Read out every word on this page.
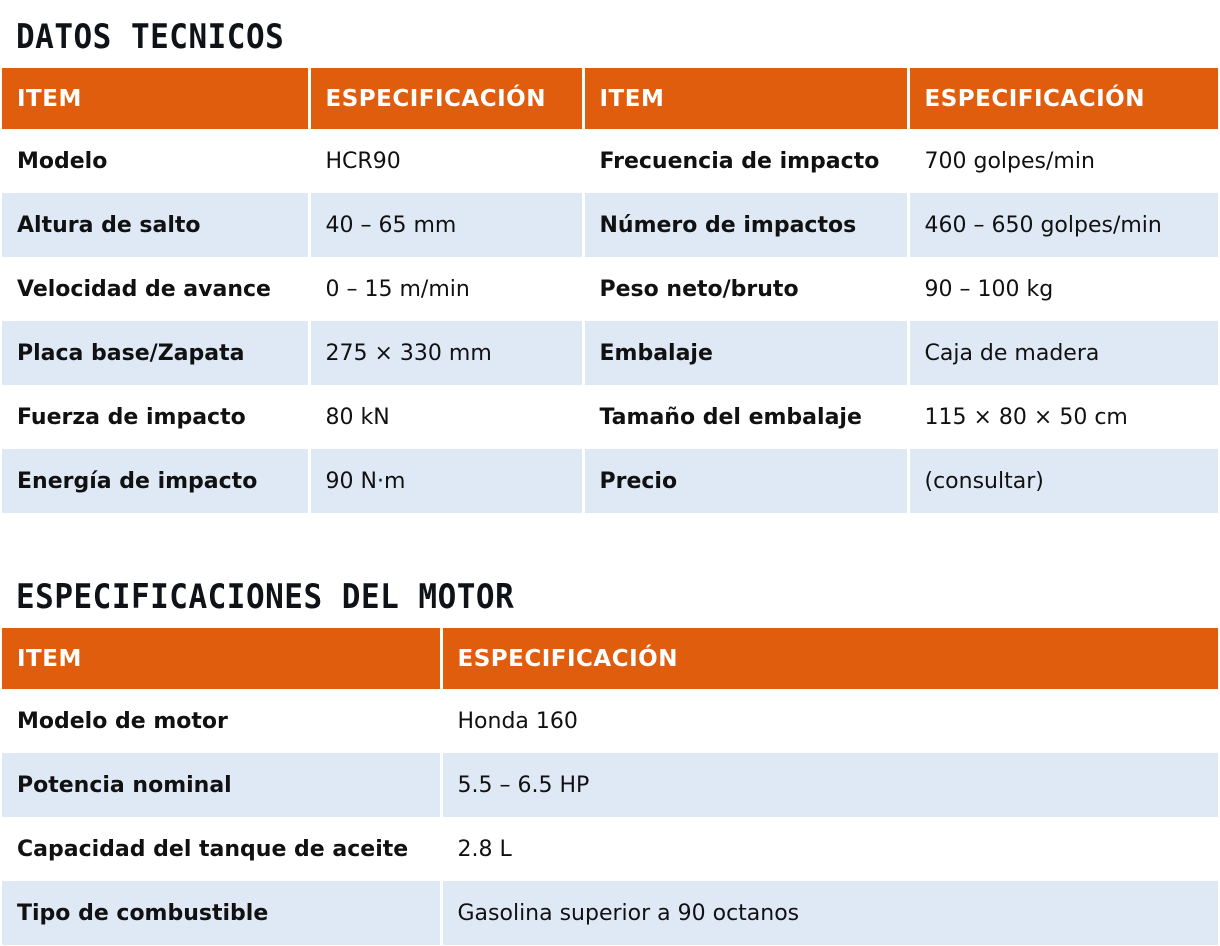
DATOS TECNICOS
ITEM	ESPECIFICACIÓN	ITEM	ESPECIFICACIÓN
Modelo	HCR90	Frecuencia de impacto	700 golpes/min
Altura de salto	40 – 65 mm	Número de impactos	460 – 650 golpes/min
Velocidad de avance	0 – 15 m/min	Peso neto/bruto	90 – 100 kg
Placa base/Zapata	275 × 330 mm	Embalaje	Caja de madera
Fuerza de impacto	80 kN	Tamaño del embalaje	115 × 80 × 50 cm
Energía de impacto	90 N·m	Precio	(consultar)
ESPECIFICACIONES DEL MOTOR
ITEM	ESPECIFICACIÓN
Modelo de motor	Honda 160
Potencia nominal	5.5 – 6.5 HP
Capacidad del tanque de aceite	2.8 L
Tipo de combustible	Gasolina superior a 90 octanos
